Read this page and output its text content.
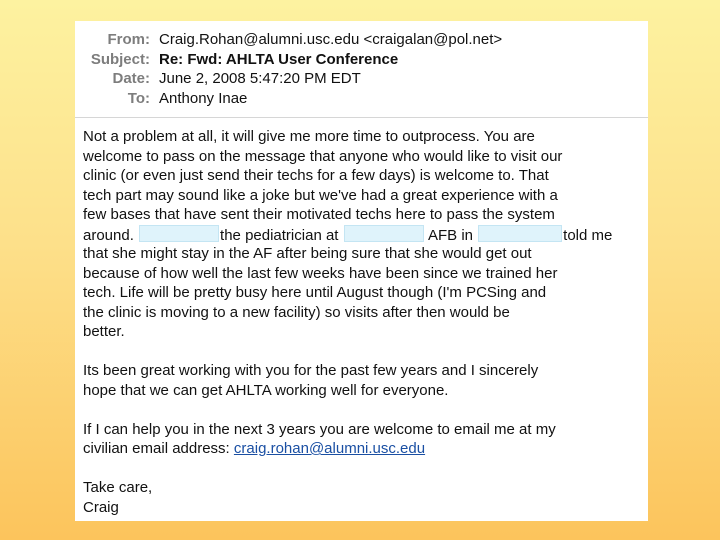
From: Craig.Rohan@alumni.usc.edu <craigalan@pol.net>
Subject: Re: Fwd: AHLTA User Conference
Date: June 2, 2008 5:47:20 PM EDT
To: Anthony Inae
Not a problem at all, it will give me more time to outprocess. You are
welcome to pass on the message that anyone who would like to visit our
clinic (or even just send their techs for a few days) is welcome to. That
tech part may sound like a joke but we've had a great experience with a
few bases that have sent their motivated techs here to pass the system
around.	the pediatrician at	AFB in	told me
that she might stay in the AF after being sure that she would get out
because of how well the last few weeks have been since we trained her
tech. Life will be pretty busy here until August though (I'm PCSing and
the clinic is moving to a new facility) so visits after then would be
better.
Its been great working with you for the past few years and I sincerely
hope that we can get AHLTA working well for everyone.
If I can help you in the next 3 years you are welcome to email me at my
civilian email address: craig.rohan@alumni.usc.edu
Take care,
Craig
